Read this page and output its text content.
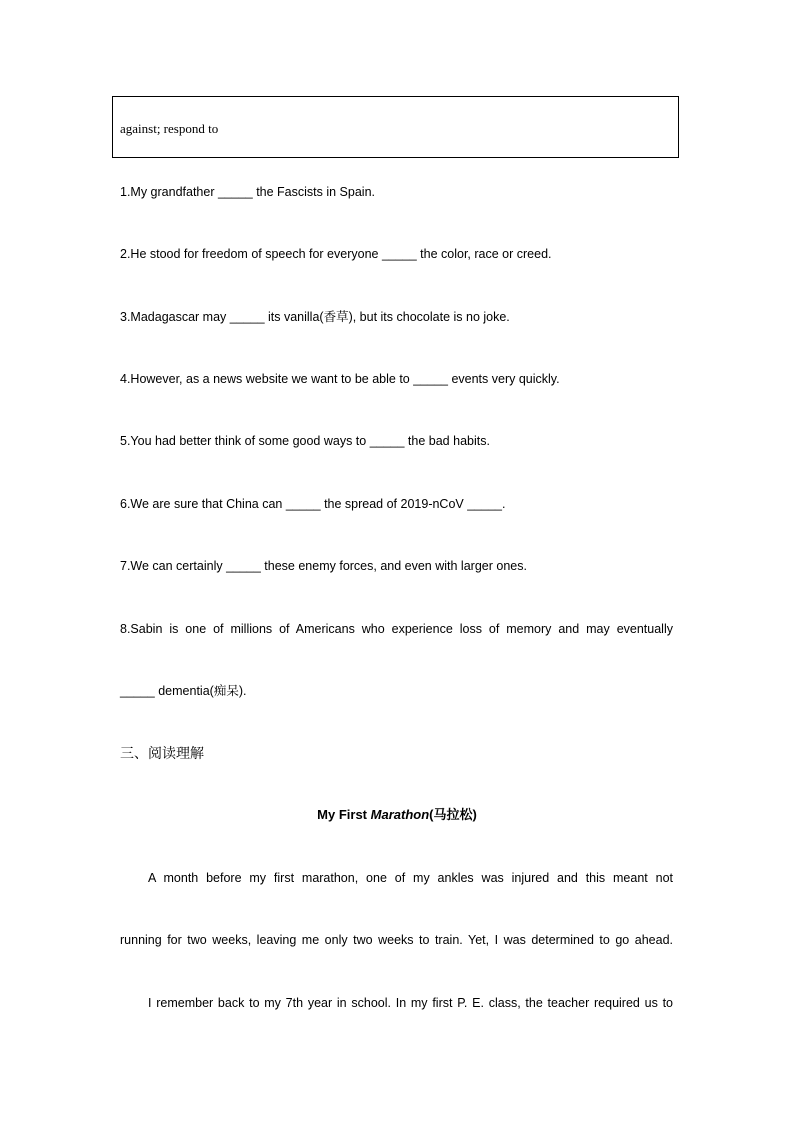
against; respond to
1.My grandfather _____ the Fascists in Spain.
2.He stood for freedom of speech for everyone _____ the color, race or creed.
3.Madagascar may _____ its vanilla(香草), but its chocolate is no joke.
4.However, as a news website we want to be able to _____ events very quickly.
5.You had better think of some good ways to _____ the bad habits.
6.We are sure that China can _____ the spread of 2019-nCoV _____.
7.We can certainly _____ these enemy forces, and even with larger ones.
8.Sabin is one of millions of Americans who experience loss of memory and may eventually
_____ dementia(痴呆).
三、阅读理解
My First Marathon(马拉松)
A month before my first marathon, one of my ankles was injured and this meant not
running for two weeks, leaving me only two weeks to train. Yet, I was determined to go ahead.
I remember back to my 7th year in school. In my first P. E. class, the teacher required us to
